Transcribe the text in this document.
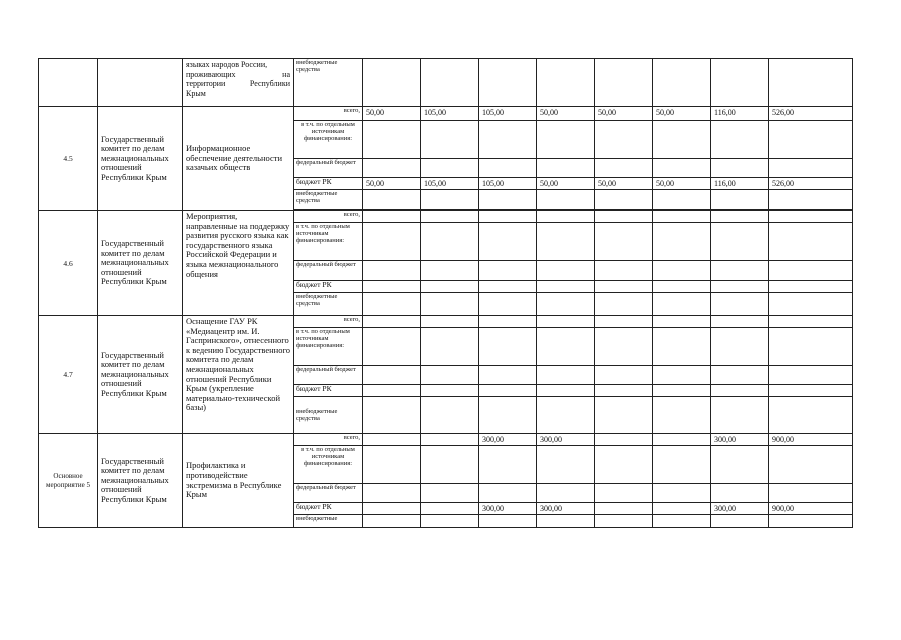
		языках народов России,
проживающих на
территории Республики
Крым	внебюджетные средства								
4.5	Государственный комитет по делам межнациональных отношений Республики Крым	Информационное обеспечение деятельности казачьих обществ	всего,	50,00	105,00	105,00	50,00	50,00	50,00	116,00	526,00
			в т.ч. по отдельным источникам финансирования:								
			федеральный бюджет								
			бюджет РК	50,00	105,00	105,00	50,00	50,00	50,00	116,00	526,00
			внебюджетные средства								

4.6	Государственный комитет по делам межнациональных отношений Республики Крым	Мероприятия, направленные на поддержку развития русского языка как государственного языка Российской Федерации и языка межнационального общения	всего,								
			в т.ч. по отдельным источникам финансирования:								
			федеральный бюджет								
			бюджет РК								
			внебюджетные средства								
4.7	Государственный комитет по делам межнациональных отношений Республики Крым	Оснащение ГАУ РК «Медиацентр им. И. Гаспринского», отнесенного к ведению Государственного комитета по делам межнациональных отношений Республики Крым (укрепление материально-технической базы)	всего,								
			в т.ч. по отдельным источникам финансирования:								
			федеральный бюджет								
			бюджет РК								
			внебюджетные средства								
Основное мероприятие 5	Государственный комитет по делам межнациональных отношений Республики Крым	Профилактика и противодействие экстремизма в Республике Крым	всего,			300,00	300,00			300,00	900,00
			в т.ч. по отдельным источникам финансирования:								
			федеральный бюджет								
			бюджет РК			300,00	300,00			300,00	900,00
			внебюджетные								
